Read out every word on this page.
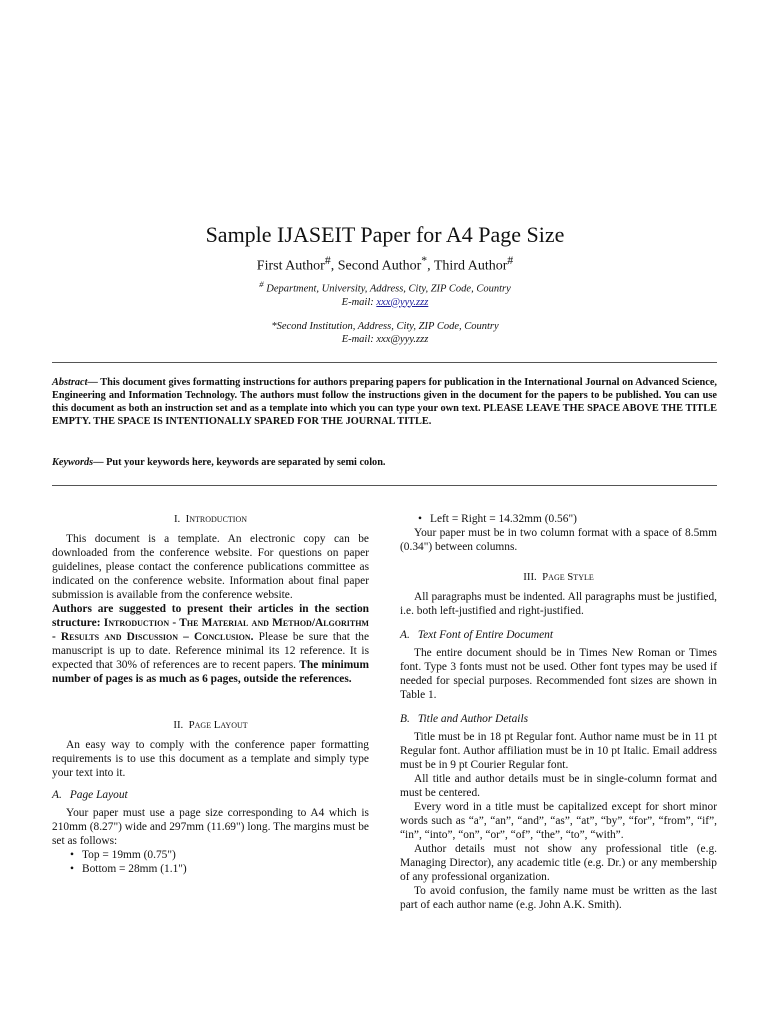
Sample IJASEIT Paper for A4 Page Size
First Author#, Second Author*, Third Author#
# Department, University, Address, City, ZIP Code, Country
E-mail: xxx@yyy.zzz
*Second Institution, Address, City, ZIP Code, Country
E-mail: xxx@yyy.zzz
Abstract— This document gives formatting instructions for authors preparing papers for publication in the International Journal on Advanced Science, Engineering and Information Technology. The authors must follow the instructions given in the document for the papers to be published. You can use this document as both an instruction set and as a template into which you can type your own text. PLEASE LEAVE THE SPACE ABOVE THE TITLE EMPTY. THE SPACE IS INTENTIONALLY SPARED FOR THE JOURNAL TITLE.
Keywords— Put your keywords here, keywords are separated by semi colon.

I. Introduction

This document is a template. An electronic copy can be downloaded from the conference website. For questions on paper guidelines, please contact the conference publications committee as indicated on the conference website. Information about final paper submission is available from the conference website.

Authors are suggested to present their articles in the section structure: Introduction - The Material and Method/Algorithm - Results and Discussion – Conclusion. Please be sure that the manuscript is up to date. Reference minimal its 12 reference. It is expected that 30% of references are to recent papers. The minimum number of pages is as much as 6 pages, outside the references.

II. Page Layout

An easy way to comply with the conference paper formatting requirements is to use this document as a template and simply type your text into it.

A. Page Layout

Your paper must use a page size corresponding to A4 which is 210mm (8.27") wide and 297mm (11.69") long. The margins must be set as follows:

• Top = 19mm (0.75")
• Bottom = 28mm (1.1")
• Left = Right = 14.32mm (0.56")

Your paper must be in two column format with a space of 8.5mm (0.34") between columns.

III. Page Style

All paragraphs must be indented. All paragraphs must be justified, i.e. both left-justified and right-justified.

A. Text Font of Entire Document

The entire document should be in Times New Roman or Times font. Type 3 fonts must not be used. Other font types may be used if needed for special purposes. Recommended font sizes are shown in Table 1.

B. Title and Author Details

Title must be in 18 pt Regular font. Author name must be in 11 pt Regular font. Author affiliation must be in 10 pt Italic. Email address must be in 9 pt Courier Regular font.

All title and author details must be in single-column format and must be centered.

Every word in a title must be capitalized except for short minor words such as “a”, “an”, “and”, “as”, “at”, “by”, “for”, “from”, “if”, “in”, “into”, “on”, “or”, “of”, “the”, “to”, “with”.

Author details must not show any professional title (e.g. Managing Director), any academic title (e.g. Dr.) or any membership of any professional organization.

To avoid confusion, the family name must be written as the last part of each author name (e.g. John A.K. Smith).
